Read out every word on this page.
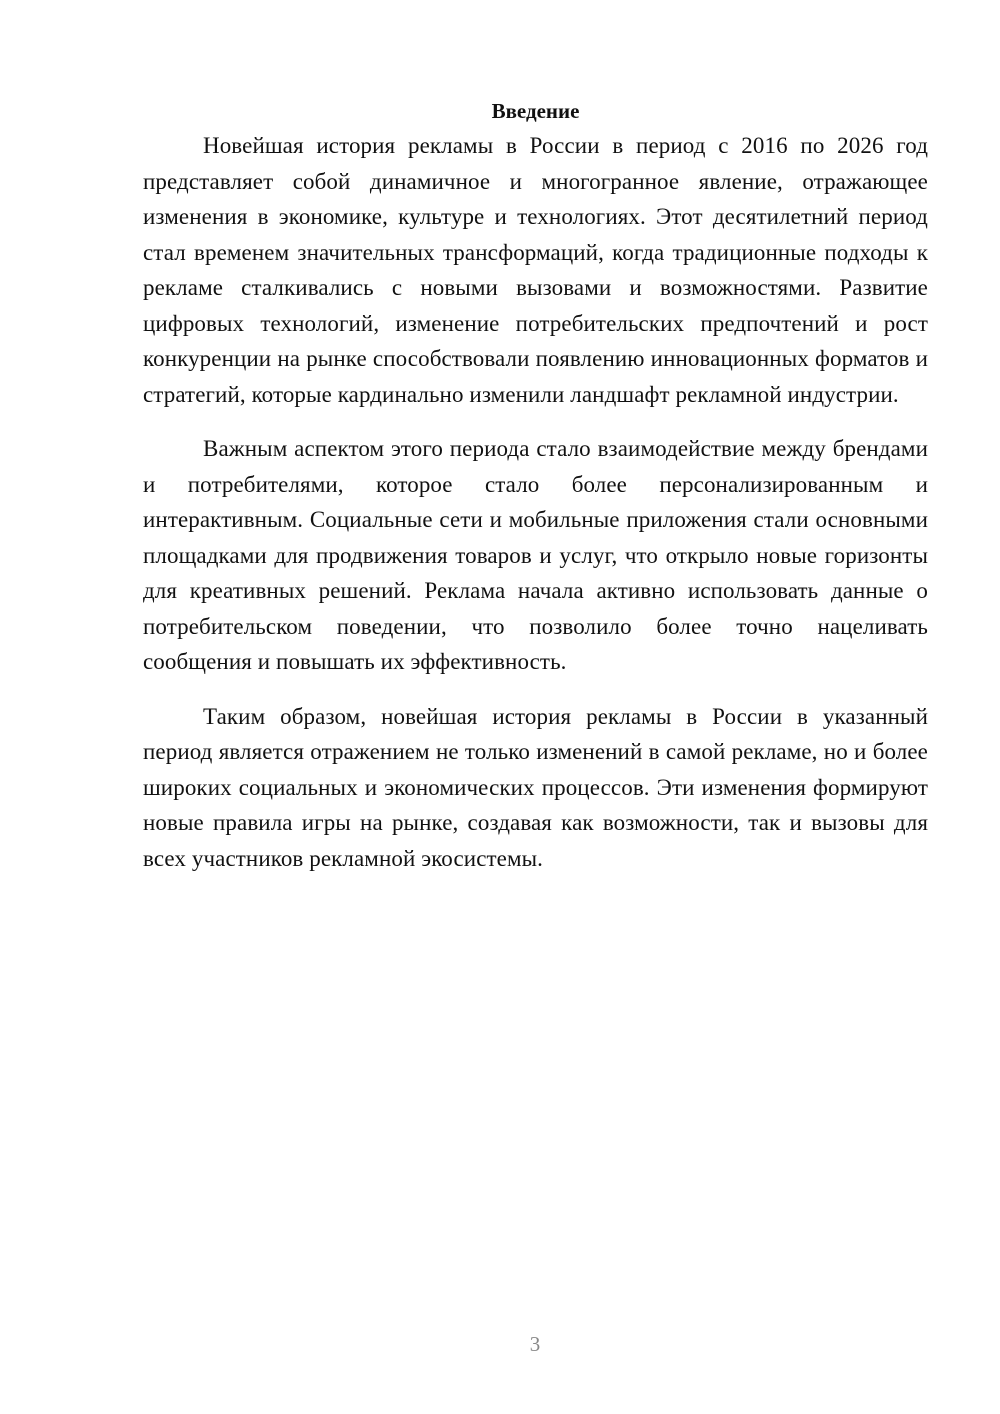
Введение

Новейшая история рекламы в России в период с 2016 по 2026 год представляет собой динамичное и многогранное явление, отражающее изменения в экономике, культуре и технологиях. Этот десятилетний период стал временем значительных трансформаций, когда традиционные подходы к рекламе сталкивались с новыми вызовами и возможностями. Развитие цифровых технологий, изменение потребительских предпочтений и рост конкуренции на рынке способствовали появлению инновационных форматов и стратегий, которые кардинально изменили ландшафт рекламной индустрии.

Важным аспектом этого периода стало взаимодействие между брендами и потребителями, которое стало более персонализированным и интерактивным. Социальные сети и мобильные приложения стали основными площадками для продвижения товаров и услуг, что открыло новые горизонты для креативных решений. Реклама начала активно использовать данные о потребительском поведении, что позволило более точно нацеливать сообщения и повышать их эффективность.

Таким образом, новейшая история рекламы в России в указанный период является отражением не только изменений в самой рекламе, но и более широких социальных и экономических процессов. Эти изменения формируют новые правила игры на рынке, создавая как возможности, так и вызовы для всех участников рекламной экосистемы.

3
